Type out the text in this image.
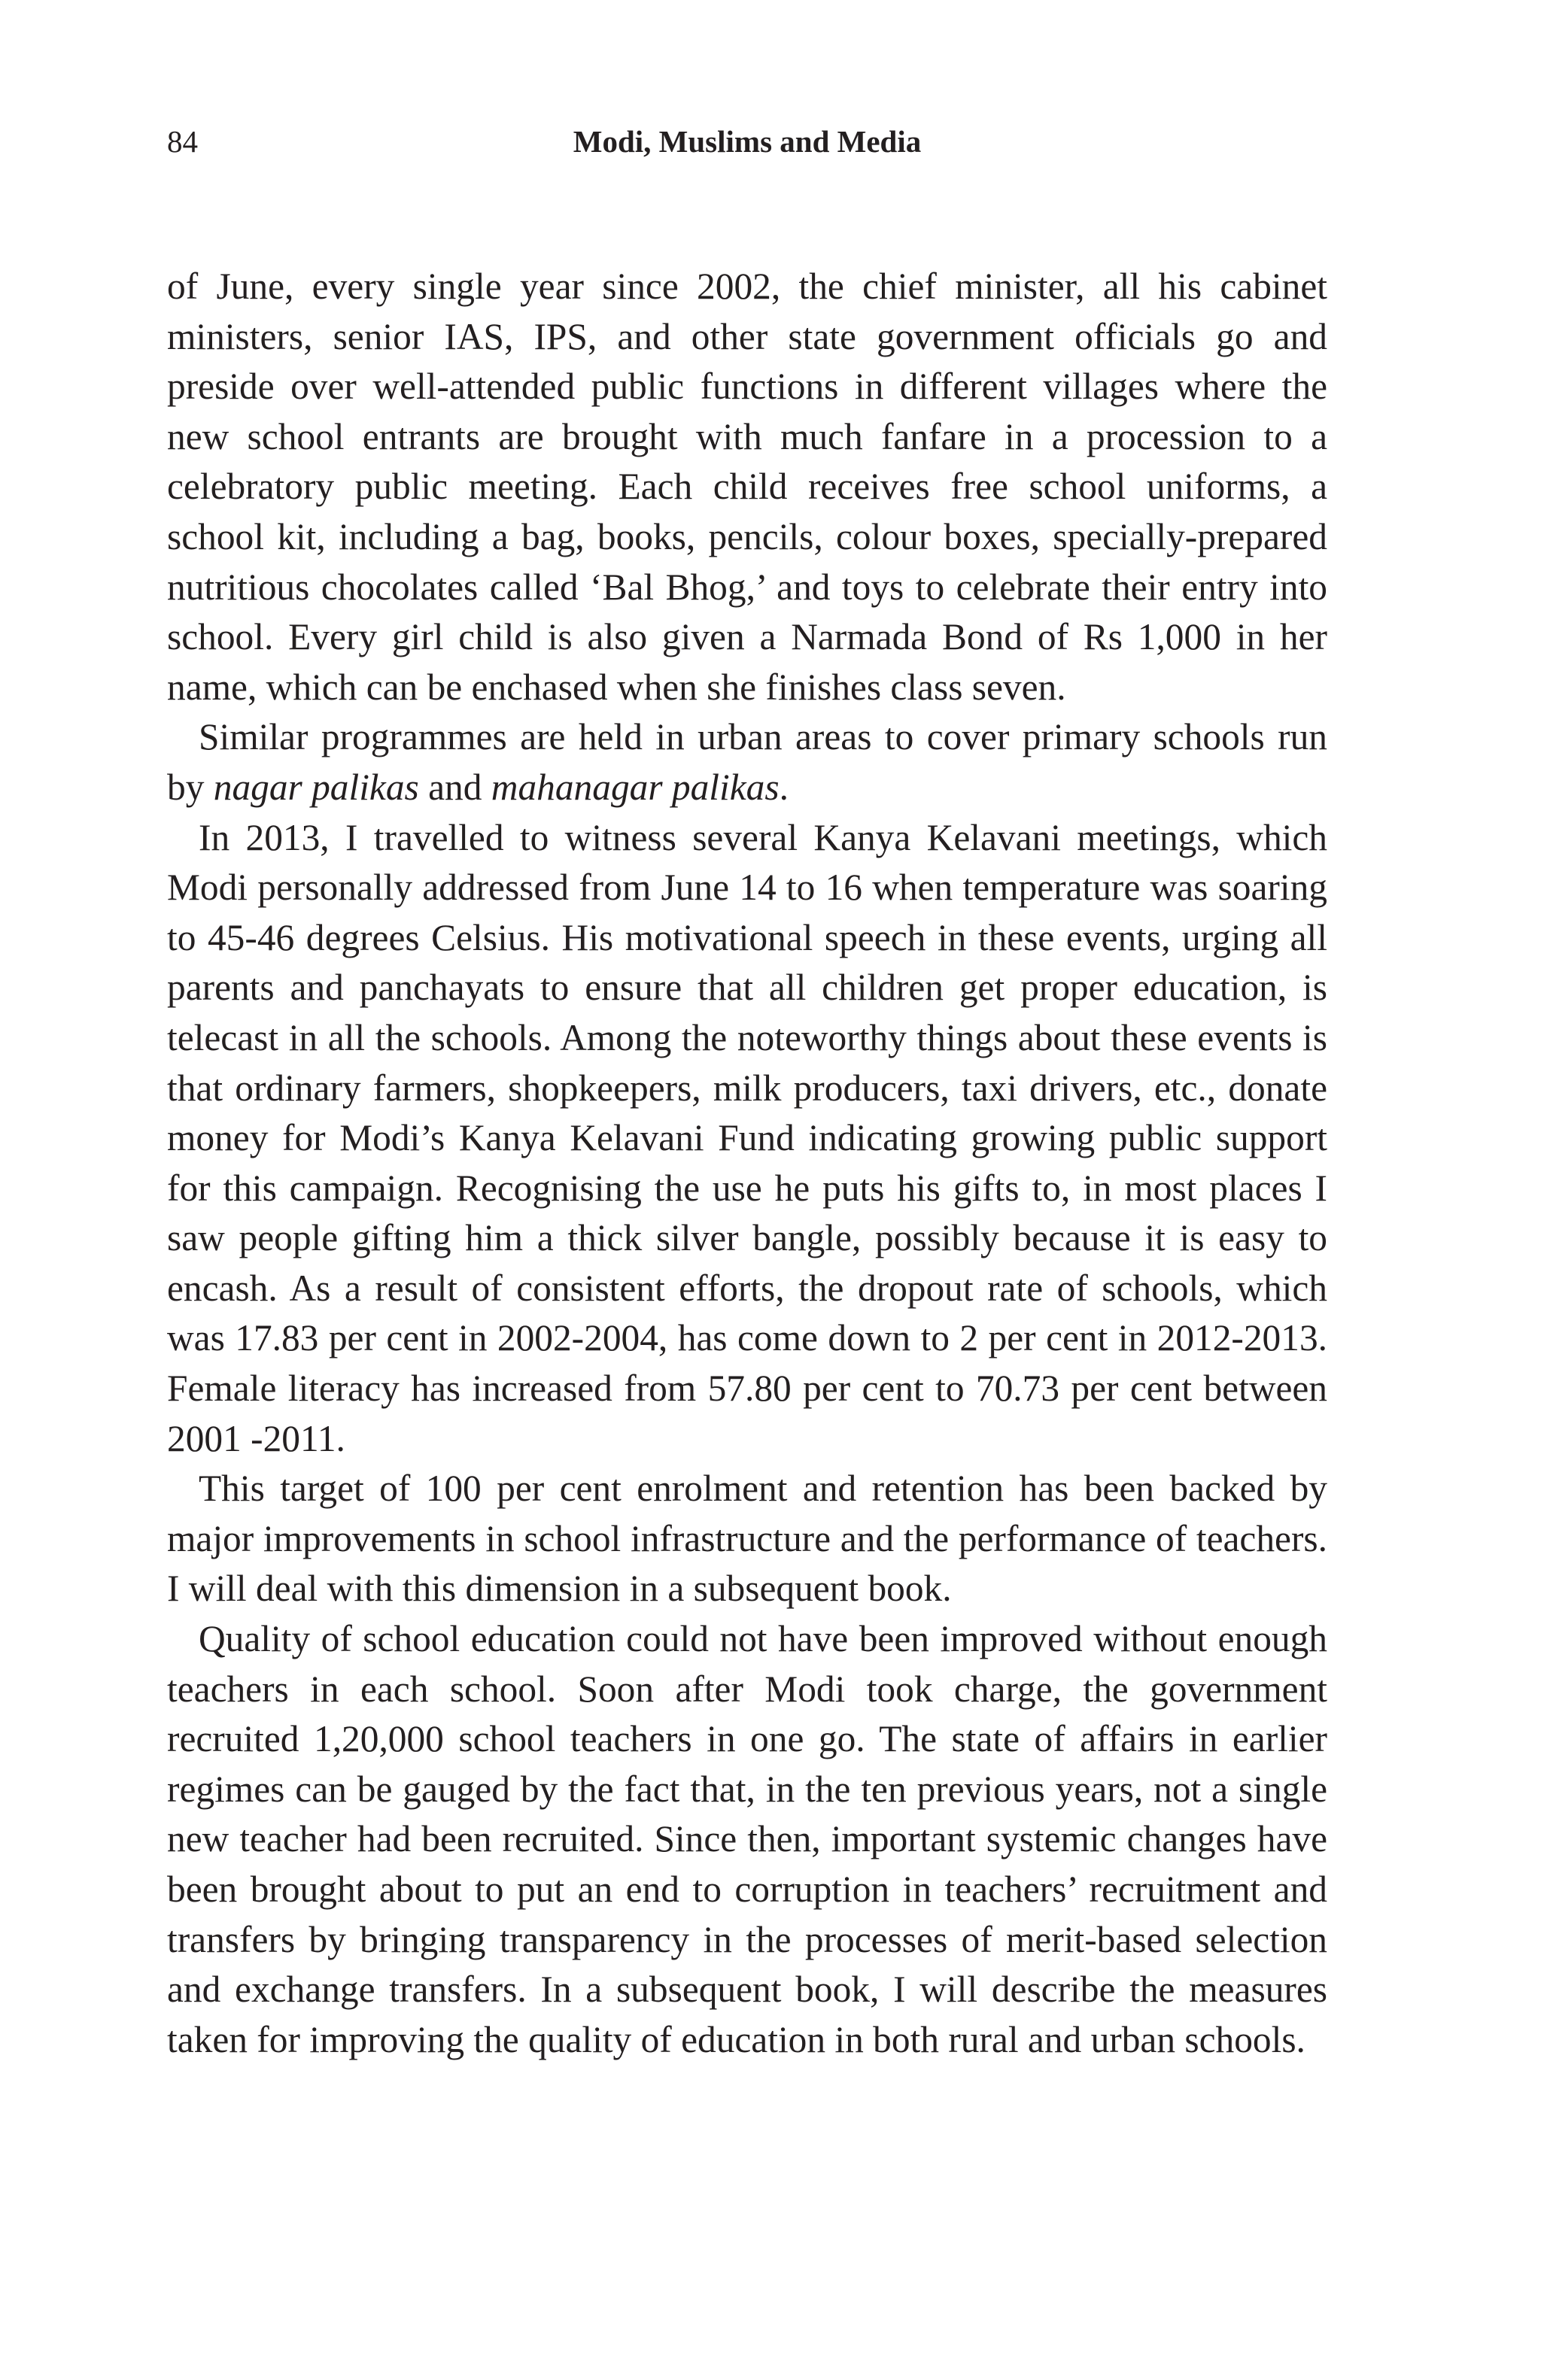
84	Modi, Muslims and Media

of June, every single year since 2002, the chief minister, all his cabinet ministers, senior IAS, IPS, and other state government officials go and preside over well-attended public functions in different villages where the new school entrants are brought with much fanfare in a procession to a celebratory public meeting. Each child receives free school uniforms, a school kit, including a bag, books, pencils, colour boxes, specially-prepared nutritious chocolates called ‘Bal Bhog,’ and toys to celebrate their entry into school. Every girl child is also given a Narmada Bond of Rs 1,000 in her name, which can be enchased when she finishes class seven.

Similar programmes are held in urban areas to cover primary schools run by nagar palikas and mahanagar palikas.

In 2013, I travelled to witness several Kanya Kelavani meetings, which Modi personally addressed from June 14 to 16 when temperature was soaring to 45-46 degrees Celsius. His motivational speech in these events, urging all parents and panchayats to ensure that all children get proper education, is telecast in all the schools. Among the noteworthy things about these events is that ordinary farmers, shopkeepers, milk producers, taxi drivers, etc., donate money for Modi’s Kanya Kelavani Fund indicating growing public support for this campaign. Recognising the use he puts his gifts to, in most places I saw people gifting him a thick silver bangle, possibly because it is easy to encash. As a result of consistent efforts, the dropout rate of schools, which was 17.83 per cent in 2002-2004, has come down to 2 per cent in 2012-2013. Female literacy has increased from 57.80 per cent to 70.73 per cent between 2001 -2011.

This target of 100 per cent enrolment and retention has been backed by major improvements in school infrastructure and the performance of teachers. I will deal with this dimension in a subsequent book.

Quality of school education could not have been improved without enough teachers in each school. Soon after Modi took charge, the government recruited 1,20,000 school teachers in one go. The state of affairs in earlier regimes can be gauged by the fact that, in the ten previous years, not a single new teacher had been recruited. Since then, important systemic changes have been brought about to put an end to corruption in teachers’ recruitment and transfers by bringing transparency in the processes of merit-based selection and exchange transfers. In a subsequent book, I will describe the measures taken for improving the quality of education in both rural and urban schools.
